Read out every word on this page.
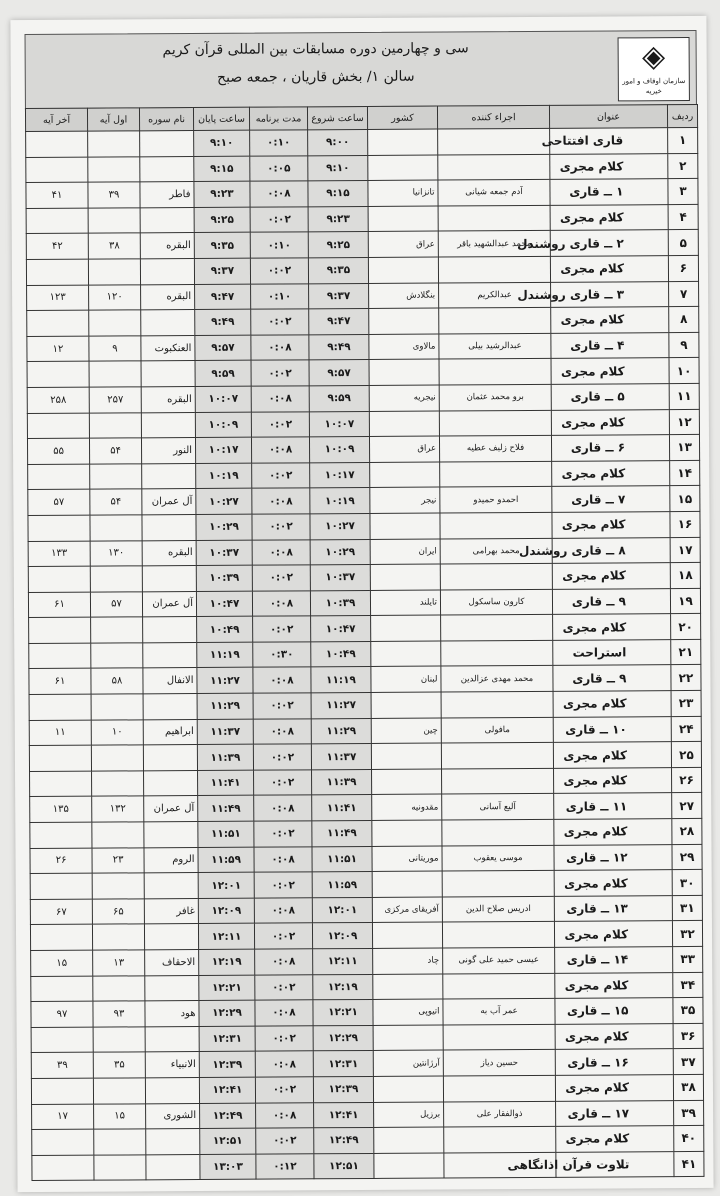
◈
سازمان اوقاف و امور خیریه
سی و چهارمین دوره مسابقات بین المللی قرآن کریم
سالن ۱/ بخش قاریان ، جمعه صبح
ردیف	عنوان	اجراء کننده	کشور	ساعت شروع	مدت برنامه	ساعت پایان	نام سوره	اول آیه	آخر آیه
۱	قاری افتتاحی			۹:۰۰	۰:۱۰	۹:۱۰			
۲	کلام مجری			۹:۱۰	۰:۰۵	۹:۱۵			
۳	۱ ــ قاری	آدم جمعه شیانی	تانزانیا	۹:۱۵	۰:۰۸	۹:۲۳	فاطر	۳۹	۴۱
۴	کلام مجری			۹:۲۳	۰:۰۲	۹:۲۵			
۵	۲ ــ قاری روشندل	محمد عبدالشهید باقر	عراق	۹:۲۵	۰:۱۰	۹:۳۵	البقره	۳۸	۴۲
۶	کلام مجری			۹:۳۵	۰:۰۲	۹:۳۷			
۷	۳ ــ قاری روشندل	عبدالکریم	بنگلادش	۹:۳۷	۰:۱۰	۹:۴۷	البقره	۱۲۰	۱۲۳
۸	کلام مجری			۹:۴۷	۰:۰۲	۹:۴۹			
۹	۴ ــ قاری	عبدالرشید بیلی	مالاوی	۹:۴۹	۰:۰۸	۹:۵۷	العنکبوت	۹	۱۲
۱۰	کلام مجری			۹:۵۷	۰:۰۲	۹:۵۹			
۱۱	۵ ــ قاری	برو محمد عثمان	نیجریه	۹:۵۹	۰:۰۸	۱۰:۰۷	البقره	۲۵۷	۲۵۸
۱۲	کلام مجری			۱۰:۰۷	۰:۰۲	۱۰:۰۹			
۱۳	۶ ــ قاری	فلاح زلیف عطیه	عراق	۱۰:۰۹	۰:۰۸	۱۰:۱۷	النور	۵۴	۵۵
۱۴	کلام مجری			۱۰:۱۷	۰:۰۲	۱۰:۱۹			
۱۵	۷ ــ قاری	احمدو حمیدو	نیجر	۱۰:۱۹	۰:۰۸	۱۰:۲۷	آل عمران	۵۴	۵۷
۱۶	کلام مجری			۱۰:۲۷	۰:۰۲	۱۰:۲۹			
۱۷	۸ ــ قاری روشندل	محمد بهرامی	ایران	۱۰:۲۹	۰:۰۸	۱۰:۳۷	البقره	۱۳۰	۱۳۳
۱۸	کلام مجری			۱۰:۳۷	۰:۰۲	۱۰:۳۹			
۱۹	۹ ــ قاری	کارون ساسکول	تایلند	۱۰:۳۹	۰:۰۸	۱۰:۴۷	آل عمران	۵۷	۶۱
۲۰	کلام مجری			۱۰:۴۷	۰:۰۲	۱۰:۴۹			
۲۱	استراحت			۱۰:۴۹	۰:۳۰	۱۱:۱۹			
۲۲	۹ ــ قاری	محمد مهدی عزالدین	لبنان	۱۱:۱۹	۰:۰۸	۱۱:۲۷	الانفال	۵۸	۶۱
۲۳	کلام مجری			۱۱:۲۷	۰:۰۲	۱۱:۲۹			
۲۴	۱۰ ــ قاری	مافولی	چین	۱۱:۲۹	۰:۰۸	۱۱:۳۷	ابراهیم	۱۰	۱۱
۲۵	کلام مجری			۱۱:۳۷	۰:۰۲	۱۱:۳۹			
۲۶	کلام مجری			۱۱:۳۹	۰:۰۲	۱۱:۴۱			
۲۷	۱۱ ــ قاری	آلیع آسانی	مقدونیه	۱۱:۴۱	۰:۰۸	۱۱:۴۹	آل عمران	۱۳۲	۱۳۵
۲۸	کلام مجری			۱۱:۴۹	۰:۰۲	۱۱:۵۱			
۲۹	۱۲ ــ قاری	موسی یعقوب	موریتانی	۱۱:۵۱	۰:۰۸	۱۱:۵۹	الروم	۲۳	۲۶
۳۰	کلام مجری			۱۱:۵۹	۰:۰۲	۱۲:۰۱			
۳۱	۱۳ ــ قاری	ادریس صلاح الدین	آفریقای مرکزی	۱۲:۰۱	۰:۰۸	۱۲:۰۹	غافر	۶۵	۶۷
۳۲	کلام مجری			۱۲:۰۹	۰:۰۲	۱۲:۱۱			
۳۳	۱۴ ــ قاری	عیسی حمید علی گونی	چاد	۱۲:۱۱	۰:۰۸	۱۲:۱۹	الاحقاف	۱۳	۱۵
۳۴	کلام مجری			۱۲:۱۹	۰:۰۲	۱۲:۲۱			
۳۵	۱۵ ــ قاری	عمر آب به	اتیوپی	۱۲:۲۱	۰:۰۸	۱۲:۲۹	هود	۹۳	۹۷
۳۶	کلام مجری			۱۲:۲۹	۰:۰۲	۱۲:۳۱			
۳۷	۱۶ ــ قاری	حسین دیاز	آرژانتین	۱۲:۳۱	۰:۰۸	۱۲:۳۹	الانبیاء	۳۵	۳۹
۳۸	کلام مجری			۱۲:۳۹	۰:۰۲	۱۲:۴۱			
۳۹	۱۷ ــ قاری	ذوالفقار علی	برزیل	۱۲:۴۱	۰:۰۸	۱۲:۴۹	الشوری	۱۵	۱۷
۴۰	کلام مجری			۱۲:۴۹	۰:۰۲	۱۲:۵۱			
۴۱	تلاوت قرآن اذانگاهی			۱۲:۵۱	۰:۱۲	۱۳:۰۳			
